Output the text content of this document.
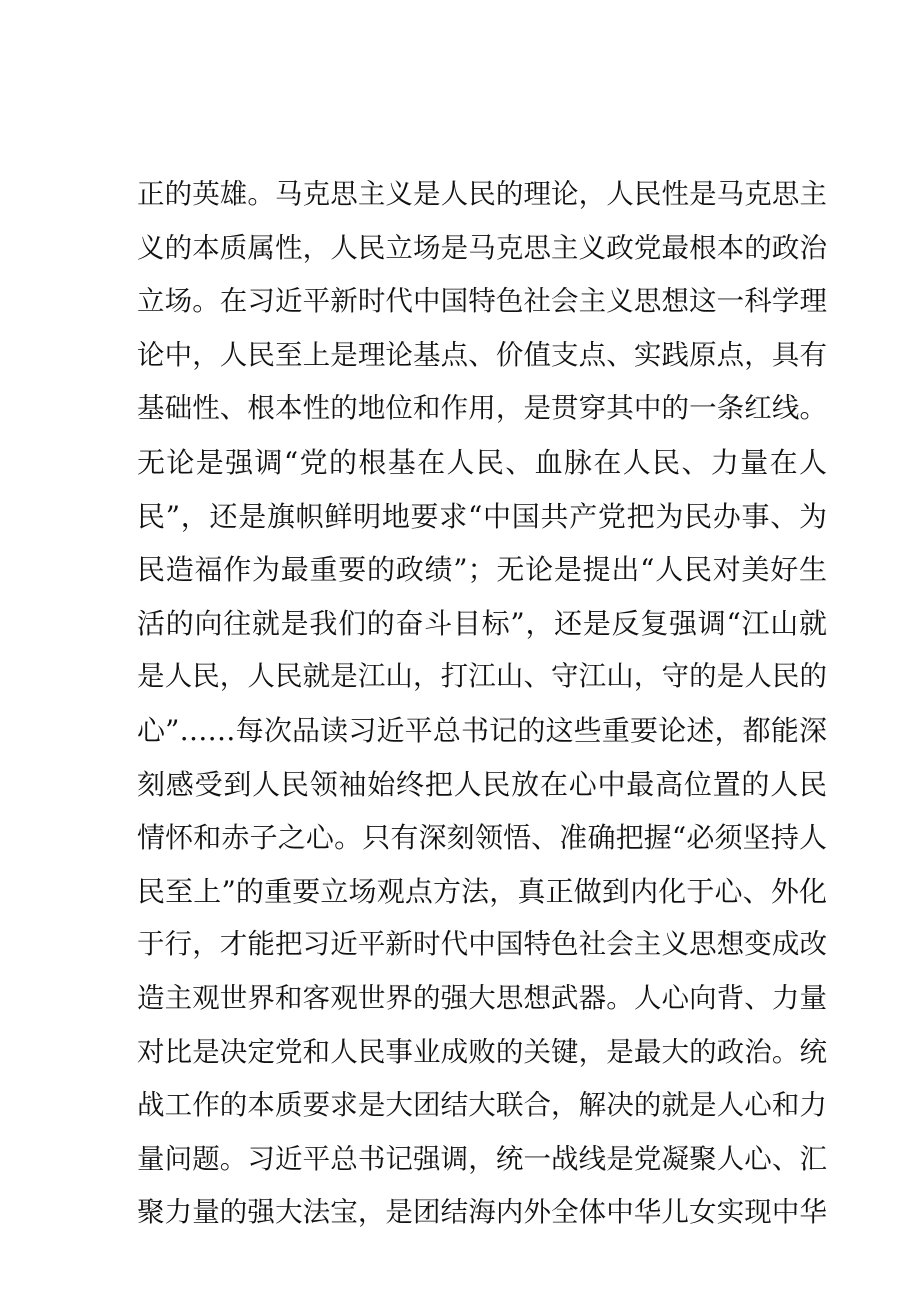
正的英雄。马克思主义是人民的理论，人民性是马克思主
义的本质属性，人民立场是马克思主义政党最根本的政治
立场。在习近平新时代中国特色社会主义思想这一科学理
论中，人民至上是理论基点、价值支点、实践原点，具有
基础性、根本性的地位和作用，是贯穿其中的一条红线。
无论是强调“党的根基在人民、血脉在人民、力量在人
民”，还是旗帜鲜明地要求“中国共产党把为民办事、为
民造福作为最重要的政绩”；无论是提出“人民对美好生
活的向往就是我们的奋斗目标”，还是反复强调“江山就
是人民，人民就是江山，打江山、守江山，守的是人民的
心”……每次品读习近平总书记的这些重要论述，都能深
刻感受到人民领袖始终把人民放在心中最高位置的人民
情怀和赤子之心。只有深刻领悟、准确把握“必须坚持人
民至上”的重要立场观点方法，真正做到内化于心、外化
于行，才能把习近平新时代中国特色社会主义思想变成改
造主观世界和客观世界的强大思想武器。人心向背、力量
对比是决定党和人民事业成败的关键，是最大的政治。统
战工作的本质要求是大团结大联合，解决的就是人心和力
量问题。习近平总书记强调，统一战线是党凝聚人心、汇
聚力量的强大法宝，是团结海内外全体中华儿女实现中华
